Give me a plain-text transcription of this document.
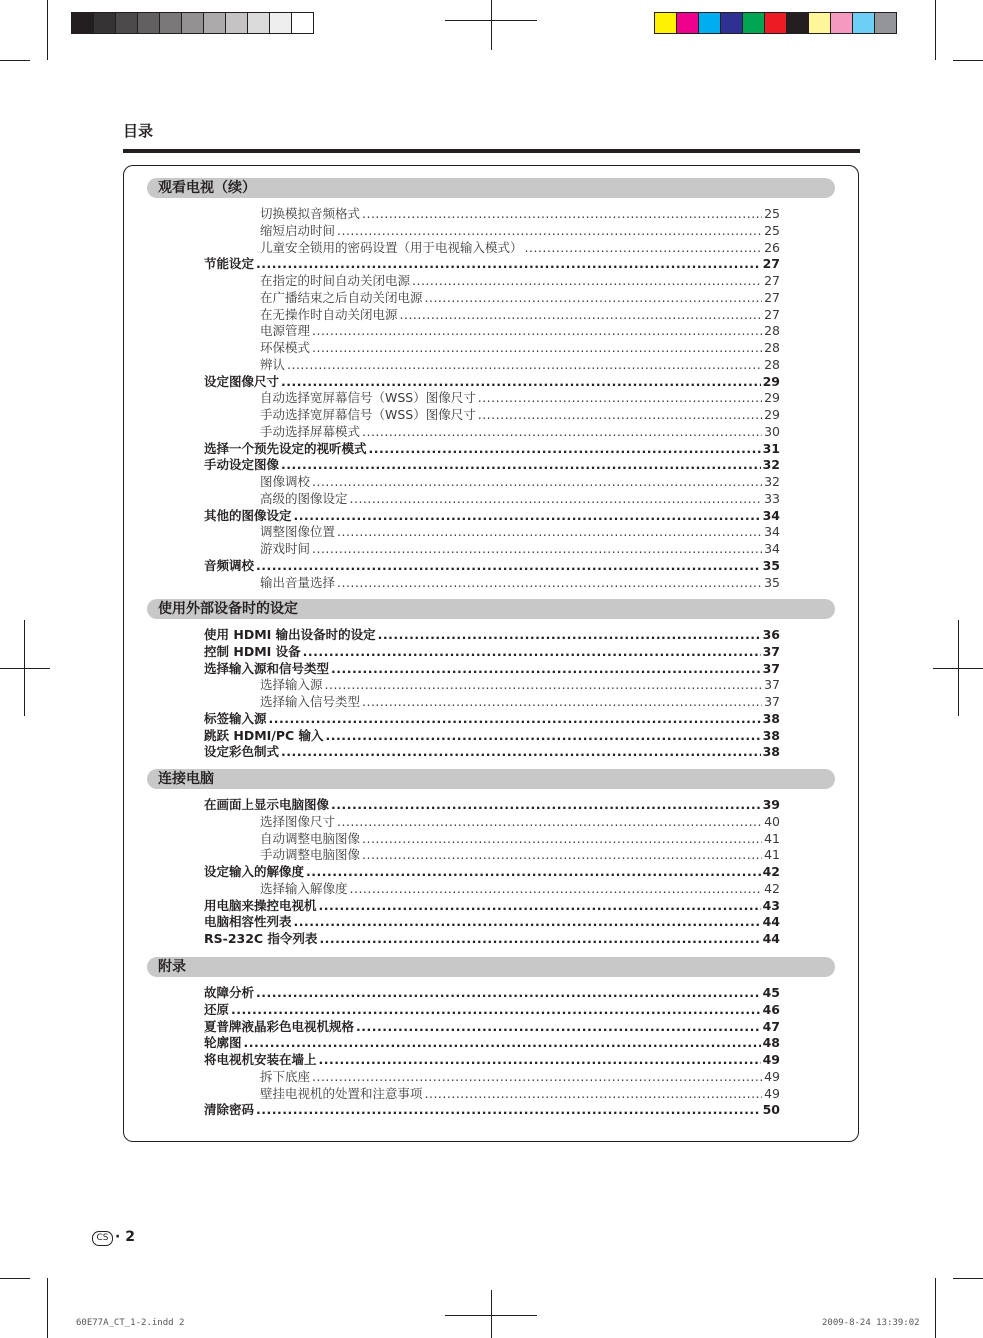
目录
观看电视（续）
切换模拟音频格式 .....	25
缩短启动时间 .....	25
儿童安全锁用的密码设置（用于电视输入模式） .....	26
节能设定 .....	27
在指定的时间自动关闭电源 .....	27
在广播结束之后自动关闭电源 .....	27
在无操作时自动关闭电源 .....	27
电源管理 .....	28
环保模式 .....	28
辨认 .....	28
设定图像尺寸 .....	29
自动选择宽屏幕信号（WSS）图像尺寸 .....	29
手动选择宽屏幕信号（WSS）图像尺寸 .....	29
手动选择屏幕模式 .....	30
选择一个预先设定的视听模式 .....	31
手动设定图像 .....	32
图像调校 .....	32
高级的图像设定 .....	33
其他的图像设定 .....	34
调整图像位置 .....	34
游戏时间 .....	34
音频调校 .....	35
输出音量选择 .....	35
使用外部设备时的设定
使用 HDMI 输出设备时的设定 .....	36
控制 HDMI 设备 .....	37
选择输入源和信号类型 .....	37
选择输入源 .....	37
选择输入信号类型 .....	37
标签输入源 .....	38
跳跃 HDMI/PC 输入 .....	38
设定彩色制式 .....	38
连接电脑
在画面上显示电脑图像 .....	39
选择图像尺寸 .....	40
自动调整电脑图像 .....	41
手动调整电脑图像 .....	41
设定输入的解像度 .....	42
选择输入解像度 .....	42
用电脑来操控电视机 .....	43
电脑相容性列表 .....	44
RS-232C 指令列表 .....	44
附录
故障分析 .....	45
还原 .....	46
夏普牌液晶彩色电视机规格 .....	47
轮廓图 .....	48
将电视机安装在墙上 .....	49
拆下底座 .....	49
壁挂电视机的处置和注意事项 .....	49
清除密码 .....	50
CS · 2
60E77A_CT_1-2.indd 2	2009-8-24 13:39:02
